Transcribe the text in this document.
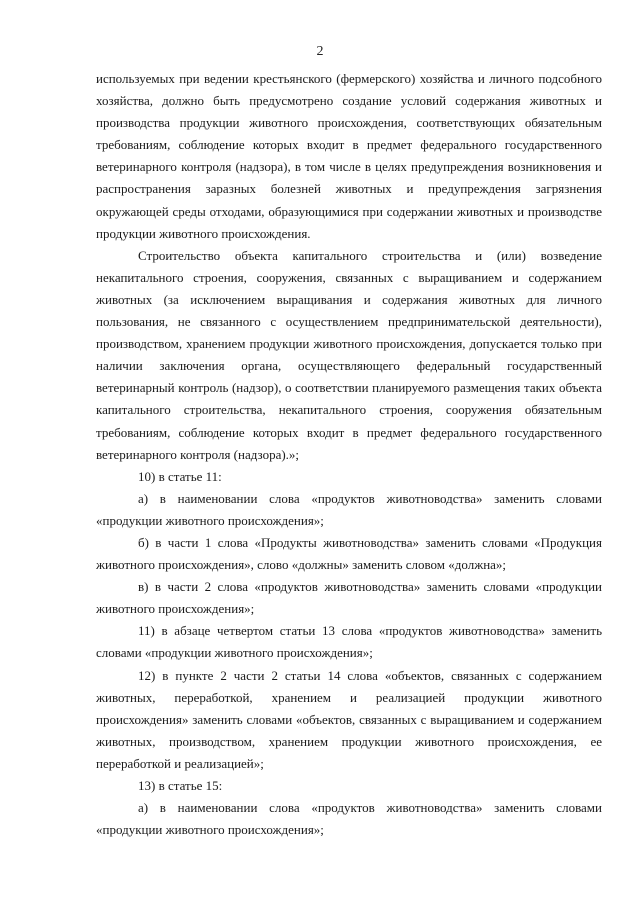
2

используемых при ведении крестьянского (фермерского) хозяйства и личного подсобного хозяйства, должно быть предусмотрено создание условий содержания животных и производства продукции животного происхождения, соответствующих обязательным требованиям, соблюдение которых входит в предмет федерального государственного ветеринарного контроля (надзора), в том числе в целях предупреждения возникновения и распространения заразных болезней животных и предупреждения загрязнения окружающей среды отходами, образующимися при содержании животных и производстве продукции животного происхождения.

Строительство объекта капитального строительства и (или) возведение некапитального строения, сооружения, связанных с выращиванием и содержанием животных (за исключением выращивания и содержания животных для личного пользования, не связанного с осуществлением предпринимательской деятельности), производством, хранением продукции животного происхождения, допускается только при наличии заключения органа, осуществляющего федеральный государственный ветеринарный контроль (надзор), о соответствии планируемого размещения таких объекта капитального строительства, некапитального строения, сооружения обязательным требованиям, соблюдение которых входит в предмет федерального государственного ветеринарного контроля (надзора).»;

10) в статье 11:

а) в наименовании слова «продуктов животноводства» заменить словами «продукции животного происхождения»;

б) в части 1 слова «Продукты животноводства» заменить словами «Продукция животного происхождения», слово «должны» заменить словом «должна»;

в) в части 2 слова «продуктов животноводства» заменить словами «продукции животного происхождения»;

11) в абзаце четвертом статьи 13 слова «продуктов животноводства» заменить словами «продукции животного происхождения»;

12) в пункте 2 части 2 статьи 14 слова «объектов, связанных с содержанием животных, переработкой, хранением и реализацией продукции животного происхождения» заменить словами «объектов, связанных с выращиванием и содержанием животных, производством, хранением продукции животного происхождения, ее переработкой и реализацией»;

13) в статье 15:

а) в наименовании слова «продуктов животноводства» заменить словами «продукции животного происхождения»;
